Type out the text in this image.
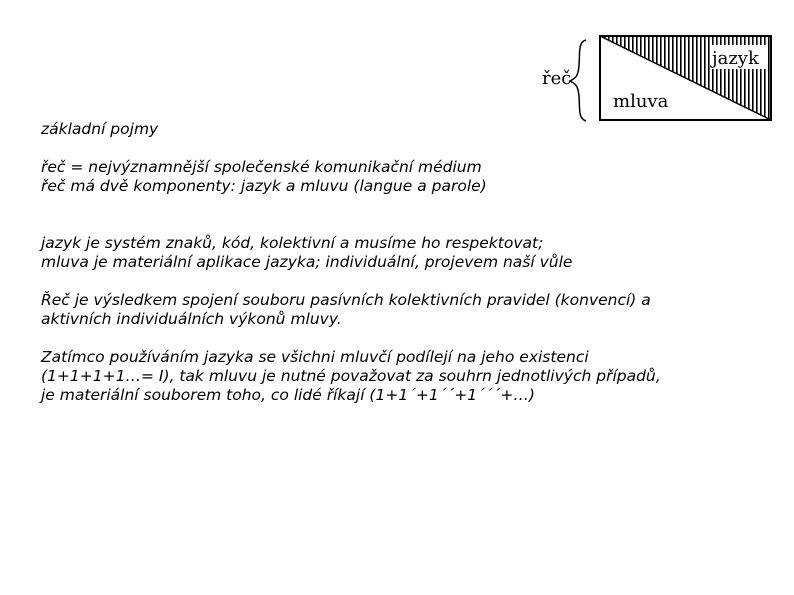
řeč
jazyk
mluva

základní pojmy

řeč = nejvýznamnější společenské komunikační médium

řeč má dvě komponenty: jazyk a mluvu (langue a parole)

jazyk je systém znaků, kód, kolektivní a musíme ho respektovat;

mluva je materiální aplikace jazyka; individuální, projevem naší vůle

Řeč je výsledkem spojení souboru pasívních kolektivních pravidel (konvencí) a

aktivních individuálních výkonů mluvy.

Zatímco používáním jazyka se všichni mluvčí podílejí na jeho existenci

(1+1+1+1…= I), tak mluvu je nutné považovat za souhrn jednotlivých případů,

je materiální souborem toho, co lidé říkají (1+1´+1´´+1´´´+…)
